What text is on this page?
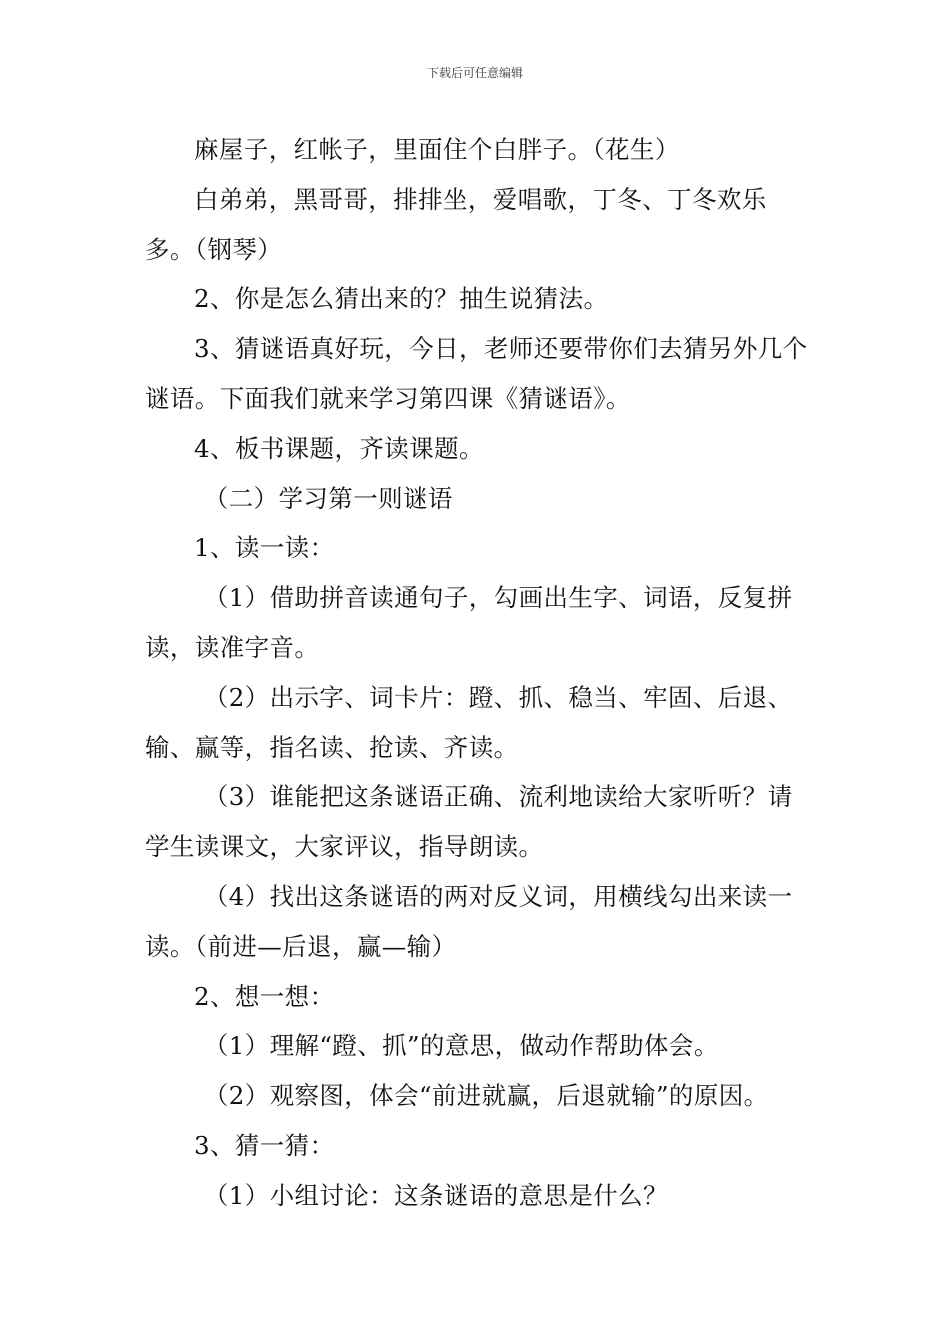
下载后可任意编辑

麻屋子，红帐子，里面住个白胖子。（花生）

白弟弟，黑哥哥，排排坐，爱唱歌，丁冬、丁冬欢乐多。（钢琴）

2、你是怎么猜出来的？抽生说猜法。

3、猜谜语真好玩，今日，老师还要带你们去猜另外几个谜语。下面我们就来学习第四课《猜谜语》。

4、板书课题，齐读课题。

（二）学习第一则谜语

1、读一读：

（1）借助拼音读通句子，勾画出生字、词语，反复拼读，读准字音。

（2）出示字、词卡片：蹬、抓、稳当、牢固、后退、输、赢等，指名读、抢读、齐读。

（3）谁能把这条谜语正确、流利地读给大家听听？请学生读课文，大家评议，指导朗读。

（4）找出这条谜语的两对反义词，用横线勾出来读一读。（前进—后退，赢—输）

2、想一想：

（1）理解“蹬、抓”的意思，做动作帮助体会。

（2）观察图，体会“前进就赢，后退就输”的原因。

3、猜一猜：

（1）小组讨论：这条谜语的意思是什么？
